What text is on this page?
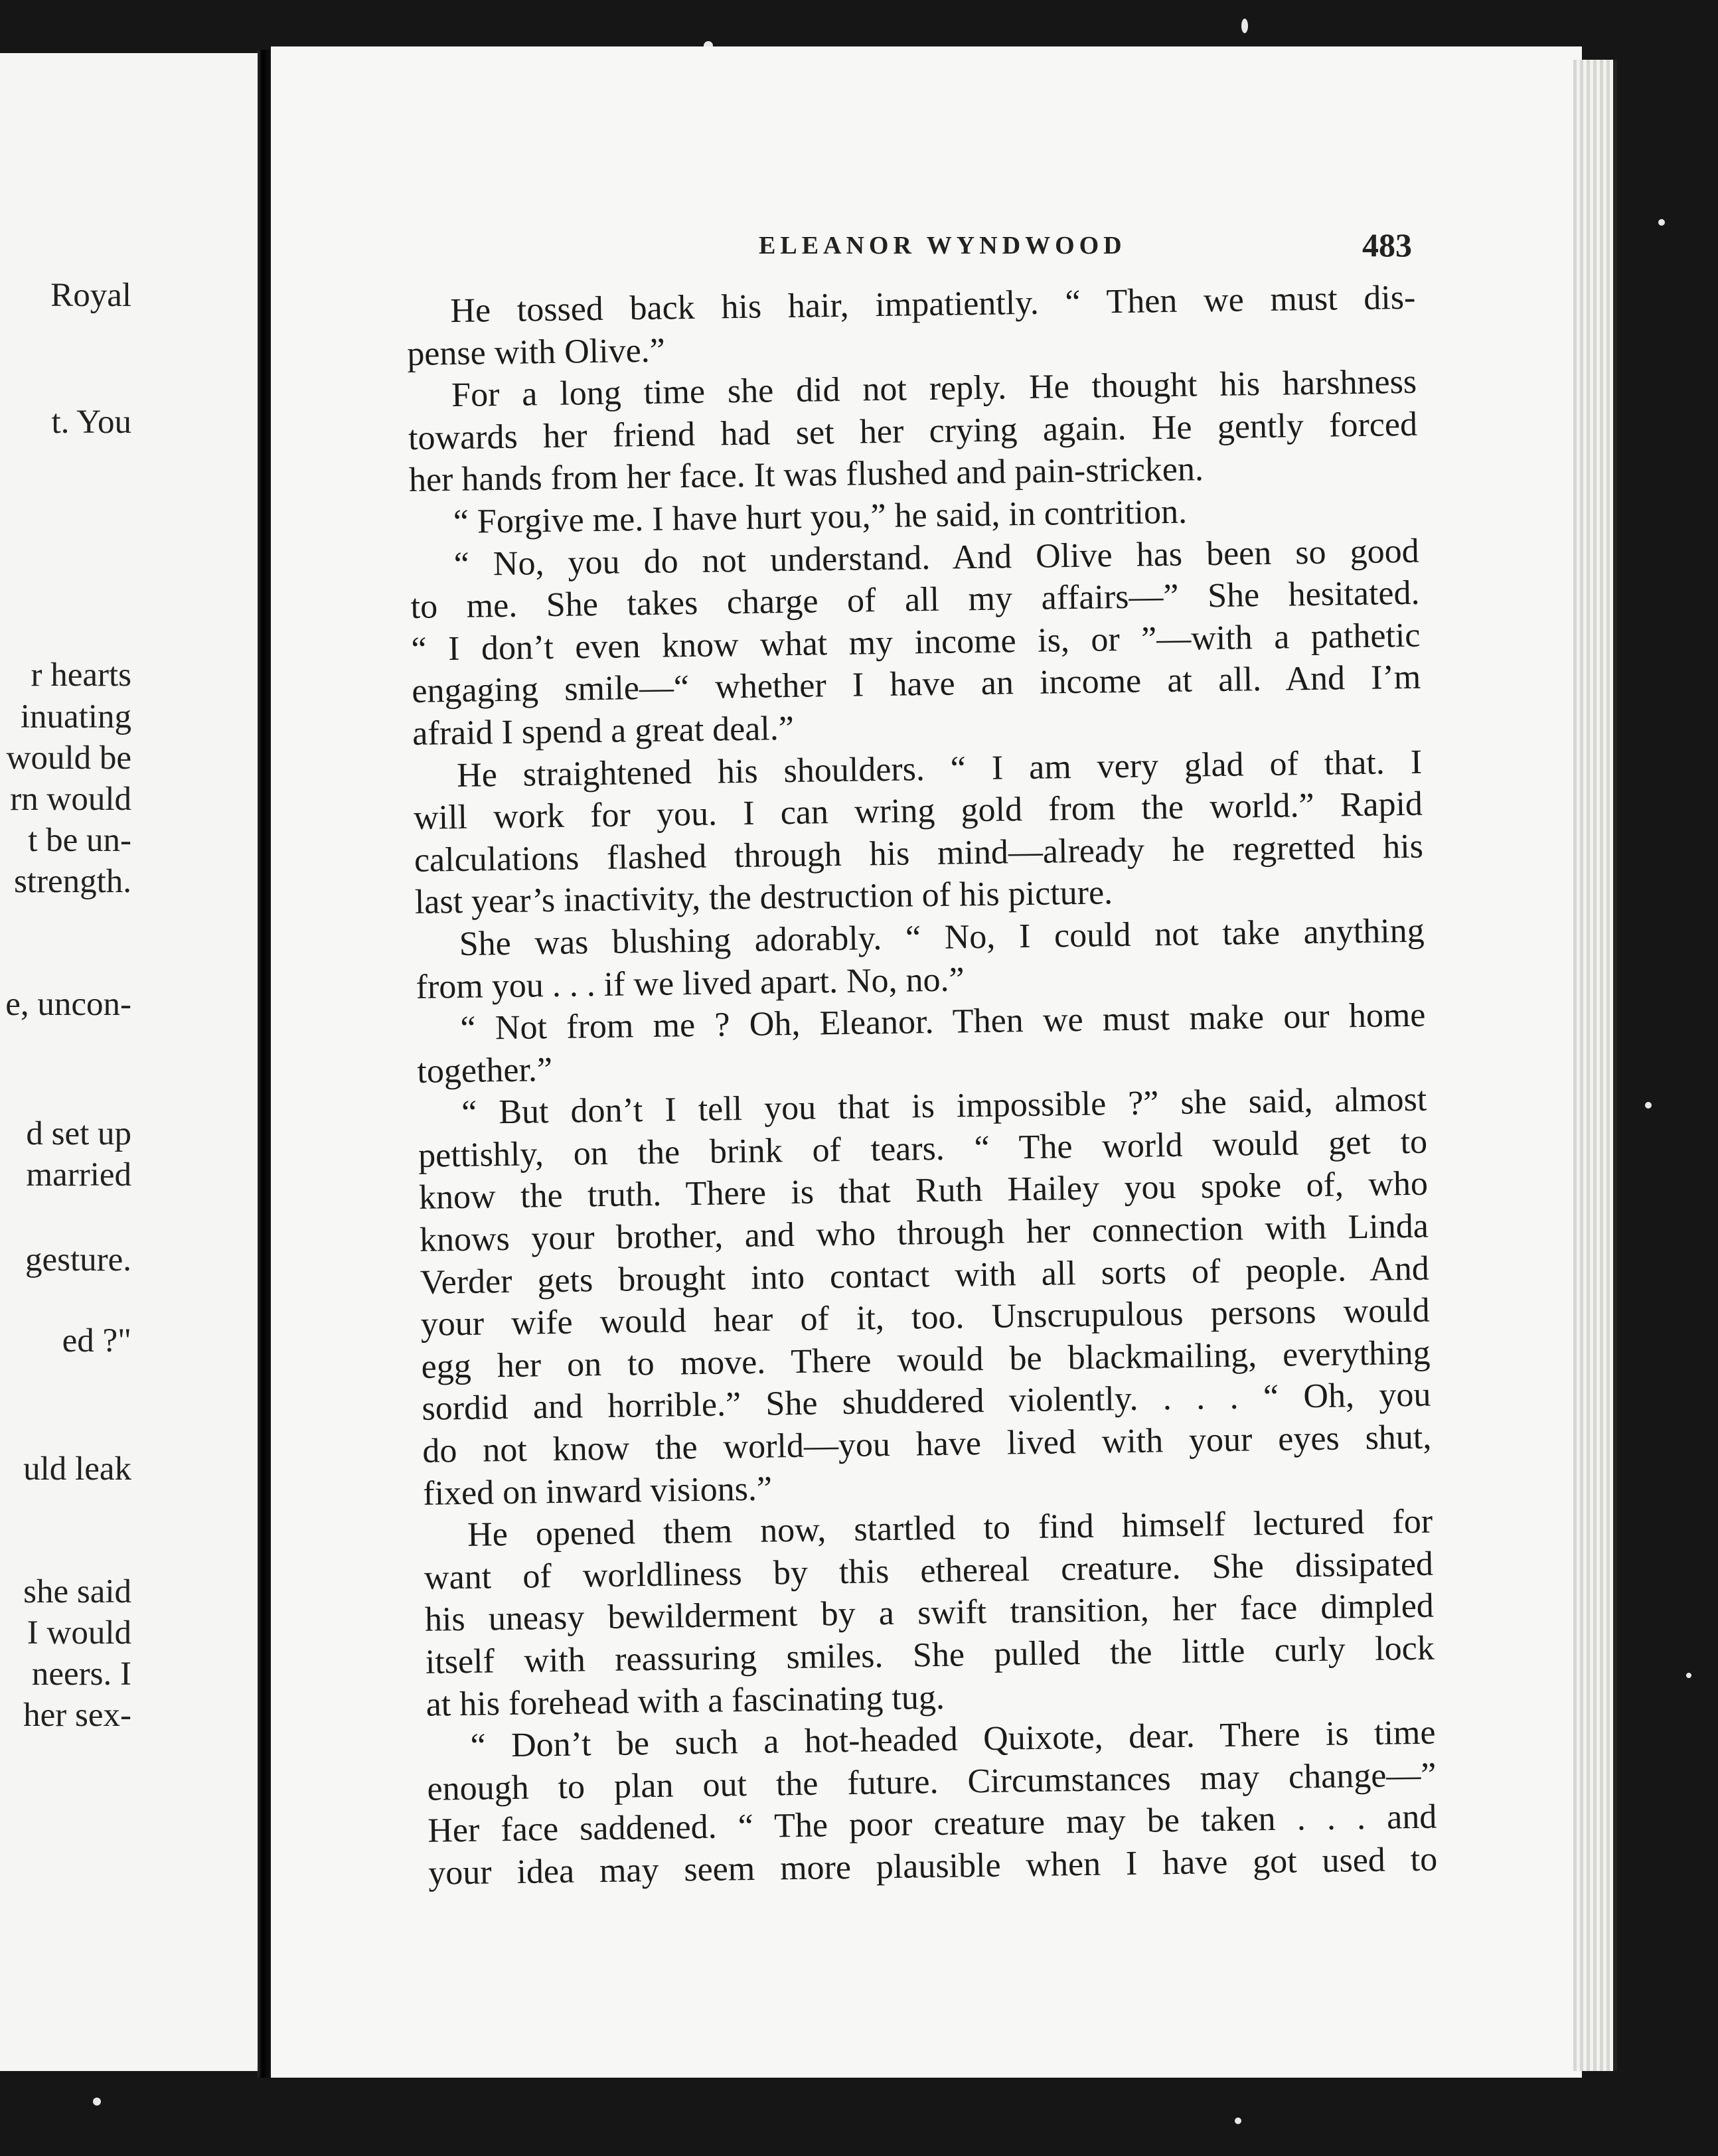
Royal
t. You
r hearts
inuating
would be
rn would
t be un-
strength.
e, uncon-
d set up
married
gesture.
ed ?"
uld leak
she said
I would
neers. I
her sex-
ELEANOR WYNDWOOD	483
He tossed back his hair, impatiently. “ Then we must dis-
pense with Olive.”
For a long time she did not reply. He thought his harshness
towards her friend had set her crying again. He gently forced
her hands from her face. It was flushed and pain-stricken.
“ Forgive me. I have hurt you,” he said, in contrition.
“ No, you do not understand. And Olive has been so good
to me. She takes charge of all my affairs—” She hesitated.
“ I don’t even know what my income is, or ”—with a pathetic
engaging smile—“ whether I have an income at all. And I’m
afraid I spend a great deal.”
He straightened his shoulders. “ I am very glad of that. I
will work for you. I can wring gold from the world.” Rapid
calculations flashed through his mind—already he regretted his
last year’s inactivity, the destruction of his picture.
She was blushing adorably. “ No, I could not take anything
from you . . . if we lived apart. No, no.”
“ Not from me ? Oh, Eleanor. Then we must make our home
together.”
“ But don’t I tell you that is impossible ?” she said, almost
pettishly, on the brink of tears. “ The world would get to
know the truth. There is that Ruth Hailey you spoke of, who
knows your brother, and who through her connection with Linda
Verder gets brought into contact with all sorts of people. And
your wife would hear of it, too. Unscrupulous persons would
egg her on to move. There would be blackmailing, everything
sordid and horrible.” She shuddered violently. . . . “ Oh, you
do not know the world—you have lived with your eyes shut,
fixed on inward visions.”
He opened them now, startled to find himself lectured for
want of worldliness by this ethereal creature. She dissipated
his uneasy bewilderment by a swift transition, her face dimpled
itself with reassuring smiles. She pulled the little curly lock
at his forehead with a fascinating tug.
“ Don’t be such a hot-headed Quixote, dear. There is time
enough to plan out the future. Circumstances may change—”
Her face saddened. “ The poor creature may be taken . . . and
your idea may seem more plausible when I have got used to
